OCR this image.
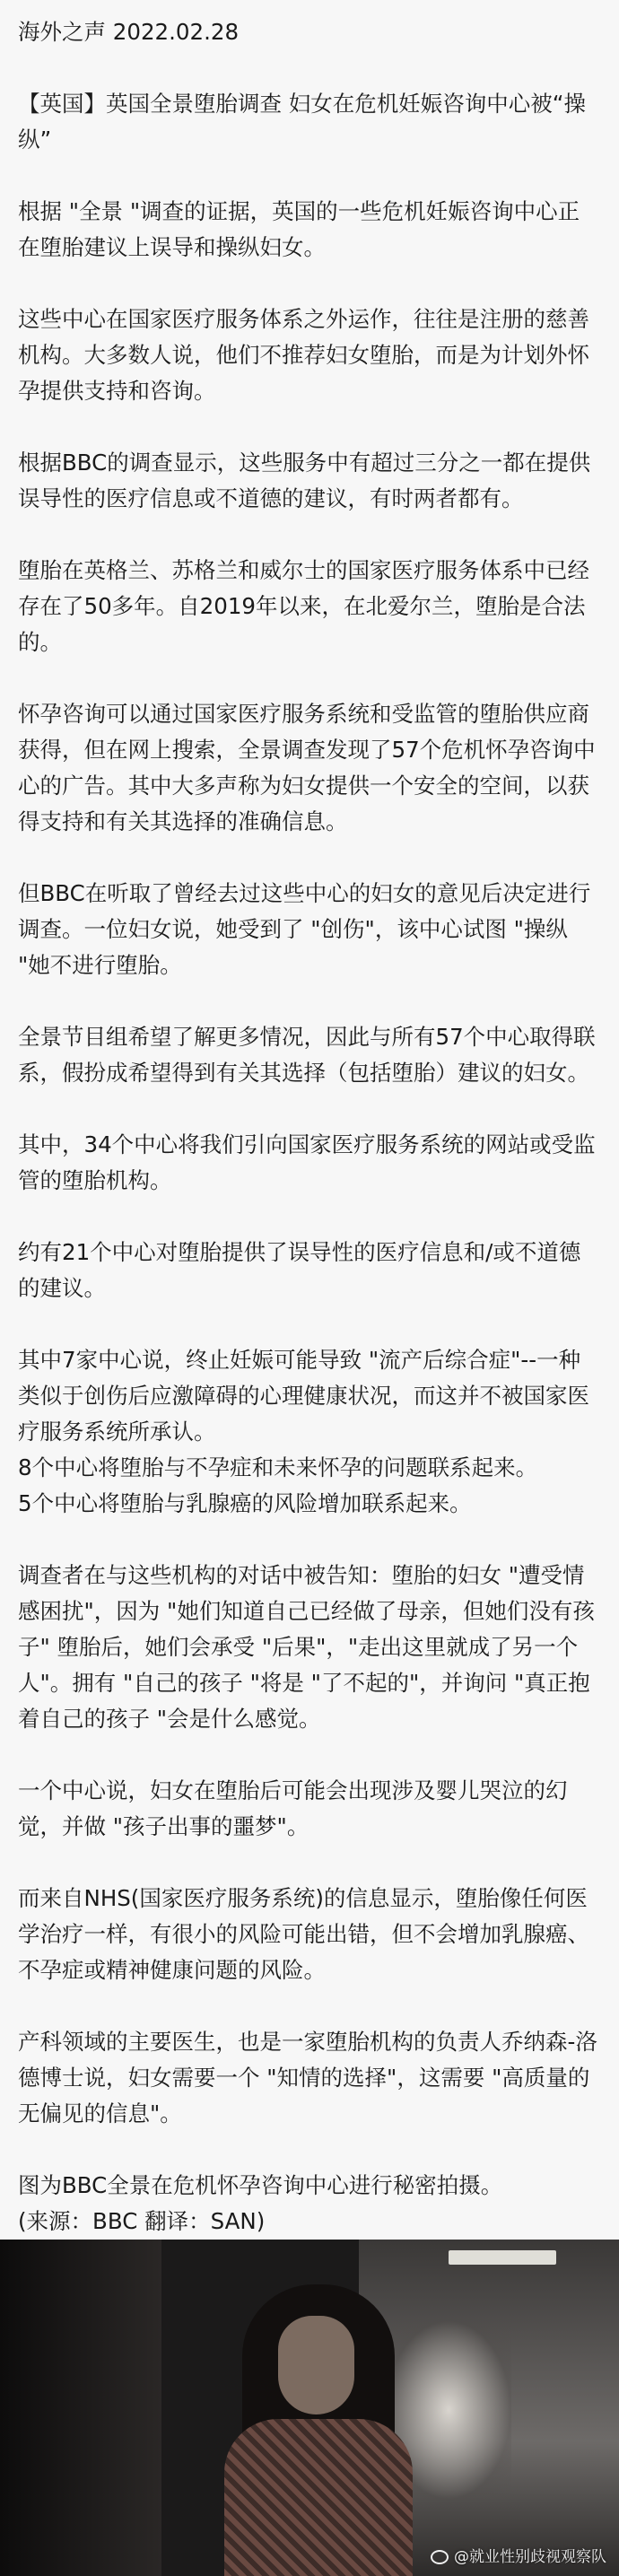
海外之声 2022.02.28

【英国】英国全景堕胎调查 妇女在危机妊娠咨询中心被“操纵”

根据 "全景 "调查的证据，英国的一些危机妊娠咨询中心正在堕胎建议上误导和操纵妇女。

这些中心在国家医疗服务体系之外运作，往往是注册的慈善机构。大多数人说，他们不推荐妇女堕胎，而是为计划外怀孕提供支持和咨询。

根据BBC的调查显示，这些服务中有超过三分之一都在提供误导性的医疗信息或不道德的建议，有时两者都有。

堕胎在英格兰、苏格兰和威尔士的国家医疗服务体系中已经存在了50多年。自2019年以来，在北爱尔兰，堕胎是合法的。

怀孕咨询可以通过国家医疗服务系统和受监管的堕胎供应商获得，但在网上搜索，全景调查发现了57个危机怀孕咨询中心的广告。其中大多声称为妇女提供一个安全的空间，以获得支持和有关其选择的准确信息。

但BBC在听取了曾经去过这些中心的妇女的意见后决定进行调查。一位妇女说，她受到了 "创伤"，该中心试图 "操纵 "她不进行堕胎。

全景节目组希望了解更多情况，因此与所有57个中心取得联系，假扮成希望得到有关其选择（包括堕胎）建议的妇女。

其中，34个中心将我们引向国家医疗服务系统的网站或受监管的堕胎机构。

约有21个中心对堕胎提供了误导性的医疗信息和/或不道德的建议。

其中7家中心说，终止妊娠可能导致 "流产后综合症"--一种类似于创伤后应激障碍的心理健康状况，而这并不被国家医疗服务系统所承认。
8个中心将堕胎与不孕症和未来怀孕的问题联系起来。
5个中心将堕胎与乳腺癌的风险增加联系起来。

调查者在与这些机构的对话中被告知：堕胎的妇女 "遭受情感困扰"，因为 "她们知道自己已经做了母亲，但她们没有孩子" 堕胎后，她们会承受 "后果"，"走出这里就成了另一个人"。拥有 "自己的孩子 "将是 "了不起的"，并询问 "真正抱着自己的孩子 "会是什么感觉。

一个中心说，妇女在堕胎后可能会出现涉及婴儿哭泣的幻觉，并做 "孩子出事的噩梦"。

而来自NHS(国家医疗服务系统)的信息显示，堕胎像任何医学治疗一样，有很小的风险可能出错，但不会增加乳腺癌、不孕症或精神健康问题的风险。

产科领域的主要医生，也是一家堕胎机构的负责人乔纳森-洛德博士说，妇女需要一个 "知情的选择"，这需要 "高质量的无偏见的信息"。

图为BBC全景在危机怀孕咨询中心进行秘密拍摄。
(来源：BBC 翻译：SAN)

@就业性别歧视观察队
